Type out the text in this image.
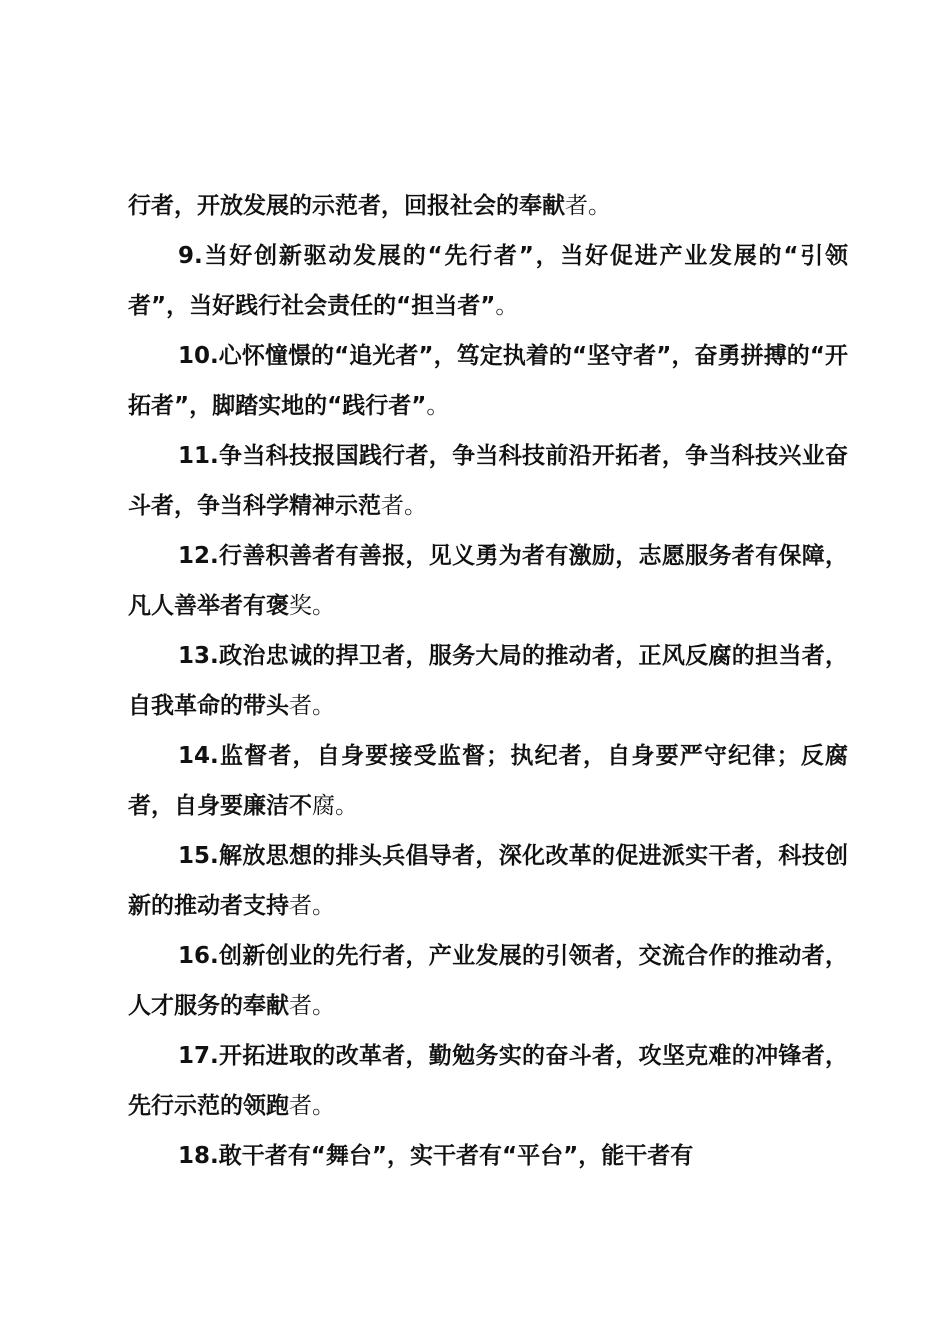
行者，开放发展的示范者，回报社会的奉献者。

9.当好创新驱动发展的“先行者”，当好促进产业发展的“引领者”，当好践行社会责任的“担当者”。

10.心怀憧憬的“追光者”，笃定执着的“坚守者”，奋勇拼搏的“开拓者”，脚踏实地的“践行者”。

11.争当科技报国践行者，争当科技前沿开拓者，争当科技兴业奋斗者，争当科学精神示范者。

12.行善积善者有善报，见义勇为者有激励，志愿服务者有保障，凡人善举者有褒奖。

13.政治忠诚的捍卫者，服务大局的推动者，正风反腐的担当者，自我革命的带头者。

14.监督者，自身要接受监督；执纪者，自身要严守纪律；反腐者，自身要廉洁不腐。

15.解放思想的排头兵倡导者，深化改革的促进派实干者，科技创新的推动者支持者。

16.创新创业的先行者，产业发展的引领者，交流合作的推动者，人才服务的奉献者。

17.开拓进取的改革者，勤勉务实的奋斗者，攻坚克难的冲锋者，先行示范的领跑者。

18.敢干者有“舞台”，实干者有“平台”，能干者有
